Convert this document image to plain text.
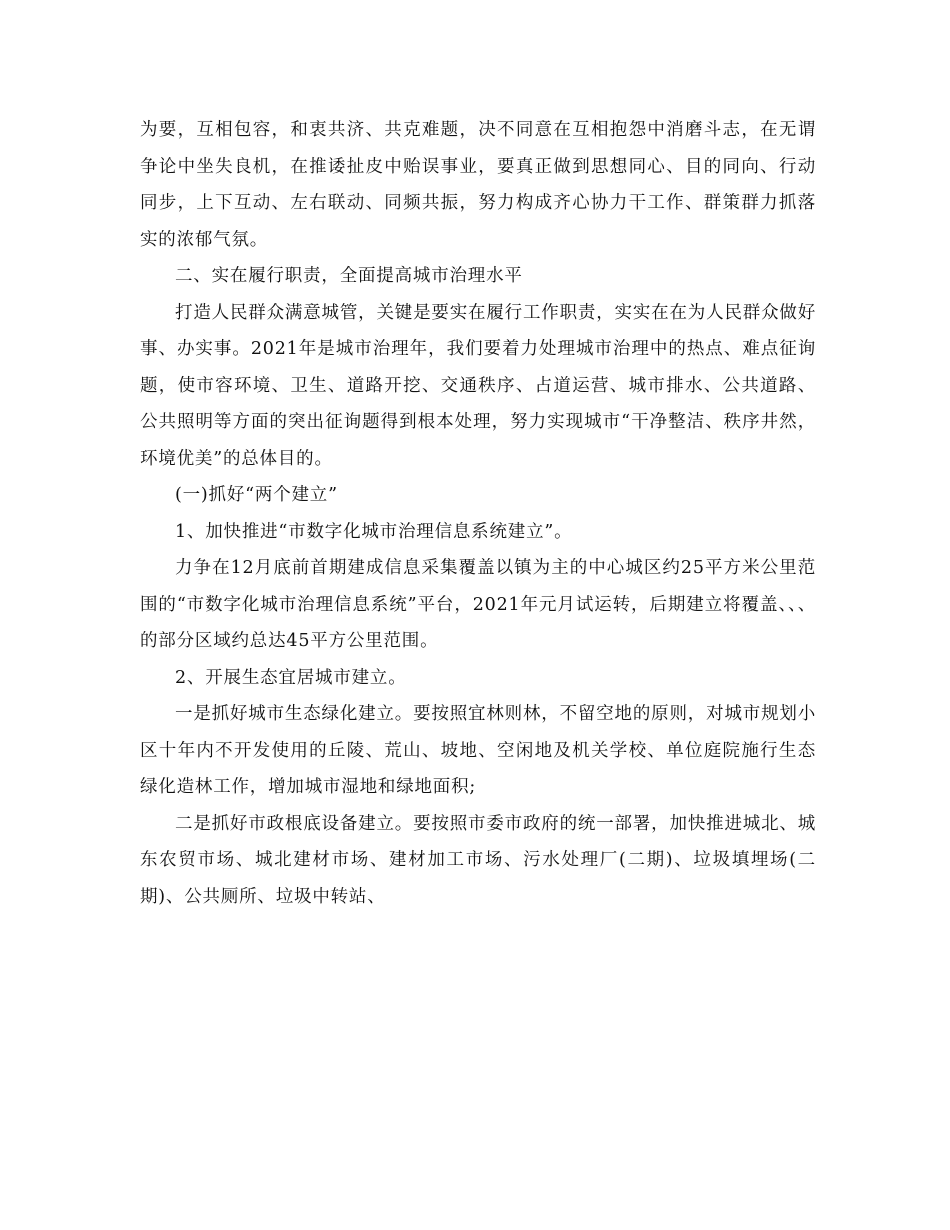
为要，互相包容，和衷共济、共克难题，决不同意在互相抱怨中消磨斗志，在无谓争论中坐失良机，在推诿扯皮中贻误事业，要真正做到思想同心、目的同向、行动同步，上下互动、左右联动、同频共振，努力构成齐心协力干工作、群策群力抓落实的浓郁气氛。

二、实在履行职责，全面提高城市治理水平

打造人民群众满意城管，关键是要实在履行工作职责，实实在在为人民群众做好事、办实事。2021年是城市治理年，我们要着力处理城市治理中的热点、难点征询题，使市容环境、卫生、道路开挖、交通秩序、占道运营、城市排水、公共道路、公共照明等方面的突出征询题得到根本处理，努力实现城市“干净整洁、秩序井然，环境优美”的总体目的。

(一)抓好“两个建立”

1、加快推进“市数字化城市治理信息系统建立”。

力争在12月底前首期建成信息采集覆盖以镇为主的中心城区约25平方米公里范围的“市数字化城市治理信息系统”平台，2021年元月试运转，后期建立将覆盖、、、的部分区域约总达45平方公里范围。

2、开展生态宜居城市建立。

一是抓好城市生态绿化建立。要按照宜林则林，不留空地的原则，对城市规划小区十年内不开发使用的丘陵、荒山、坡地、空闲地及机关学校、单位庭院施行生态绿化造林工作，增加城市湿地和绿地面积;

二是抓好市政根底设备建立。要按照市委市政府的统一部署，加快推进城北、城东农贸市场、城北建材市场、建材加工市场、污水处理厂(二期)、垃圾填埋场(二期)、公共厕所、垃圾中转站、
